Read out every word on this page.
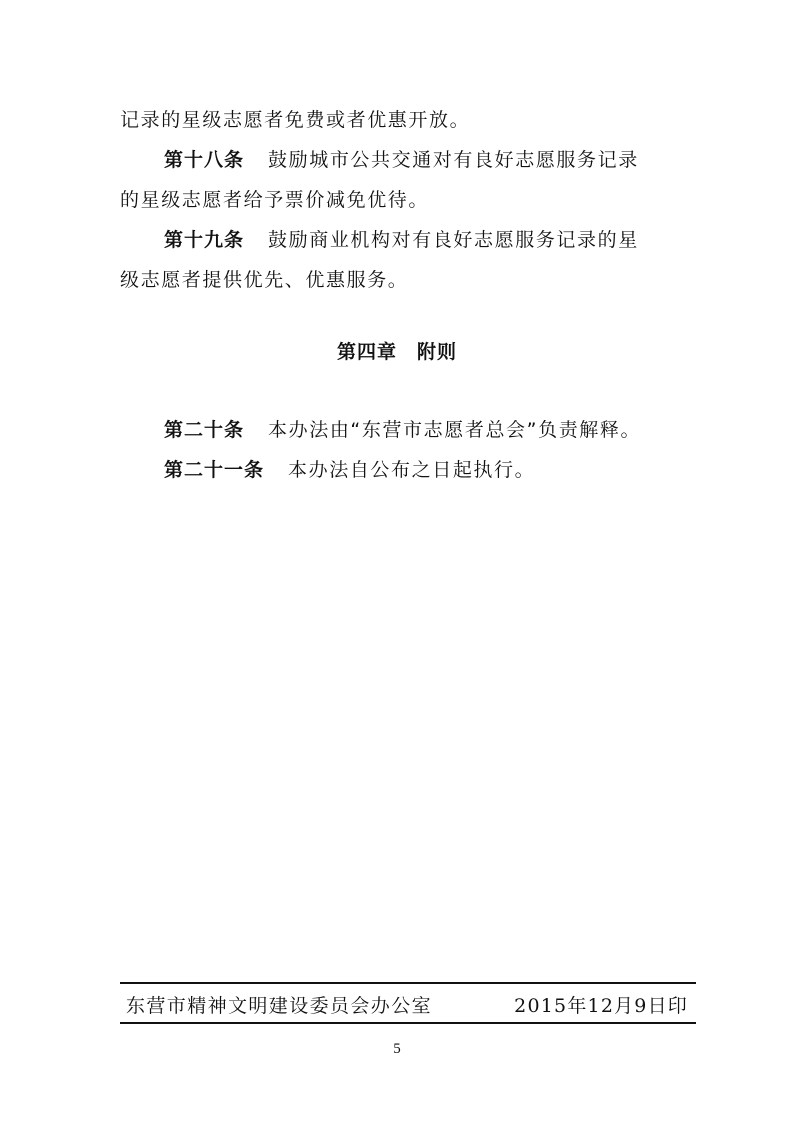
记录的星级志愿者免费或者优惠开放。
第十八条 鼓励城市公共交通对有良好志愿服务记录
的星级志愿者给予票价减免优待。
第十九条 鼓励商业机构对有良好志愿服务记录的星
级志愿者提供优先、优惠服务。
第四章 附则
第二十条 本办法由“东营市志愿者总会”负责解释。
第二十一条 本办法自公布之日起执行。
东营市精神文明建设委员会办公室	2015年12月9日印
5
